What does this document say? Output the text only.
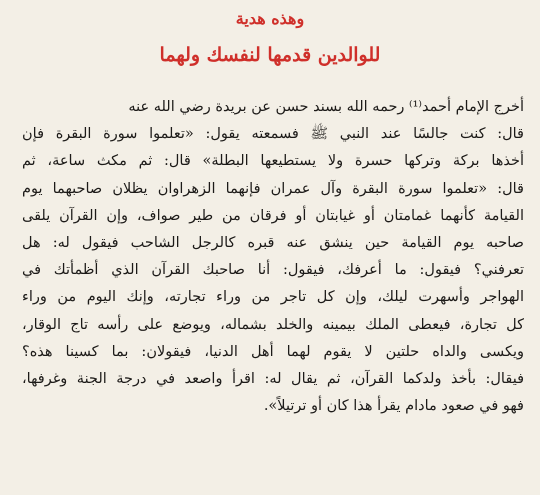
وهذه هدية
للوالدين قدمها لنفسك ولهما
أخرج الإمام أحمد⁽¹⁾ رحمه الله بسند حسن عن بريدة رضي الله عنه
قال: كنت جالسًا عند النبي ﷺ فسمعته يقول: «تعلموا سورة البقرة فإن
أخذها بركة وتركها حسرة ولا يستطيعها البطلة» قال: ثم مكث ساعة، ثم
قال: «تعلموا سورة البقرة وآل عمران فإنهما الزهراوان يظلان صاحبهما يوم
القيامة كأنهما غمامتان أو غيابتان أو فرقان من طير صواف، وإن القرآن يلقى
صاحبه يوم القيامة حين ينشق عنه قبره كالرجل الشاحب فيقول له: هل
تعرفني؟ فيقول: ما أعرفك، فيقول: أنا صاحبك القرآن الذي أظمأتك في
الهواجر وأسهرت ليلك، وإن كل تاجر من وراء تجارته، وإنك اليوم من وراء
كل تجارة، فيعطى الملك بيمينه والخلد بشماله، ويوضع على رأسه تاج الوقار،
ويكسى والداه حلتين لا يقوم لهما أهل الدنيا، فيقولان: بما كسينا هذه؟
فيقال: بأخذ ولدكما القرآن، ثم يقال له: اقرأ واصعد في درجة الجنة وغرفها،
فهو في صعود مادام يقرأ هذا كان أو ترتيلاً».
